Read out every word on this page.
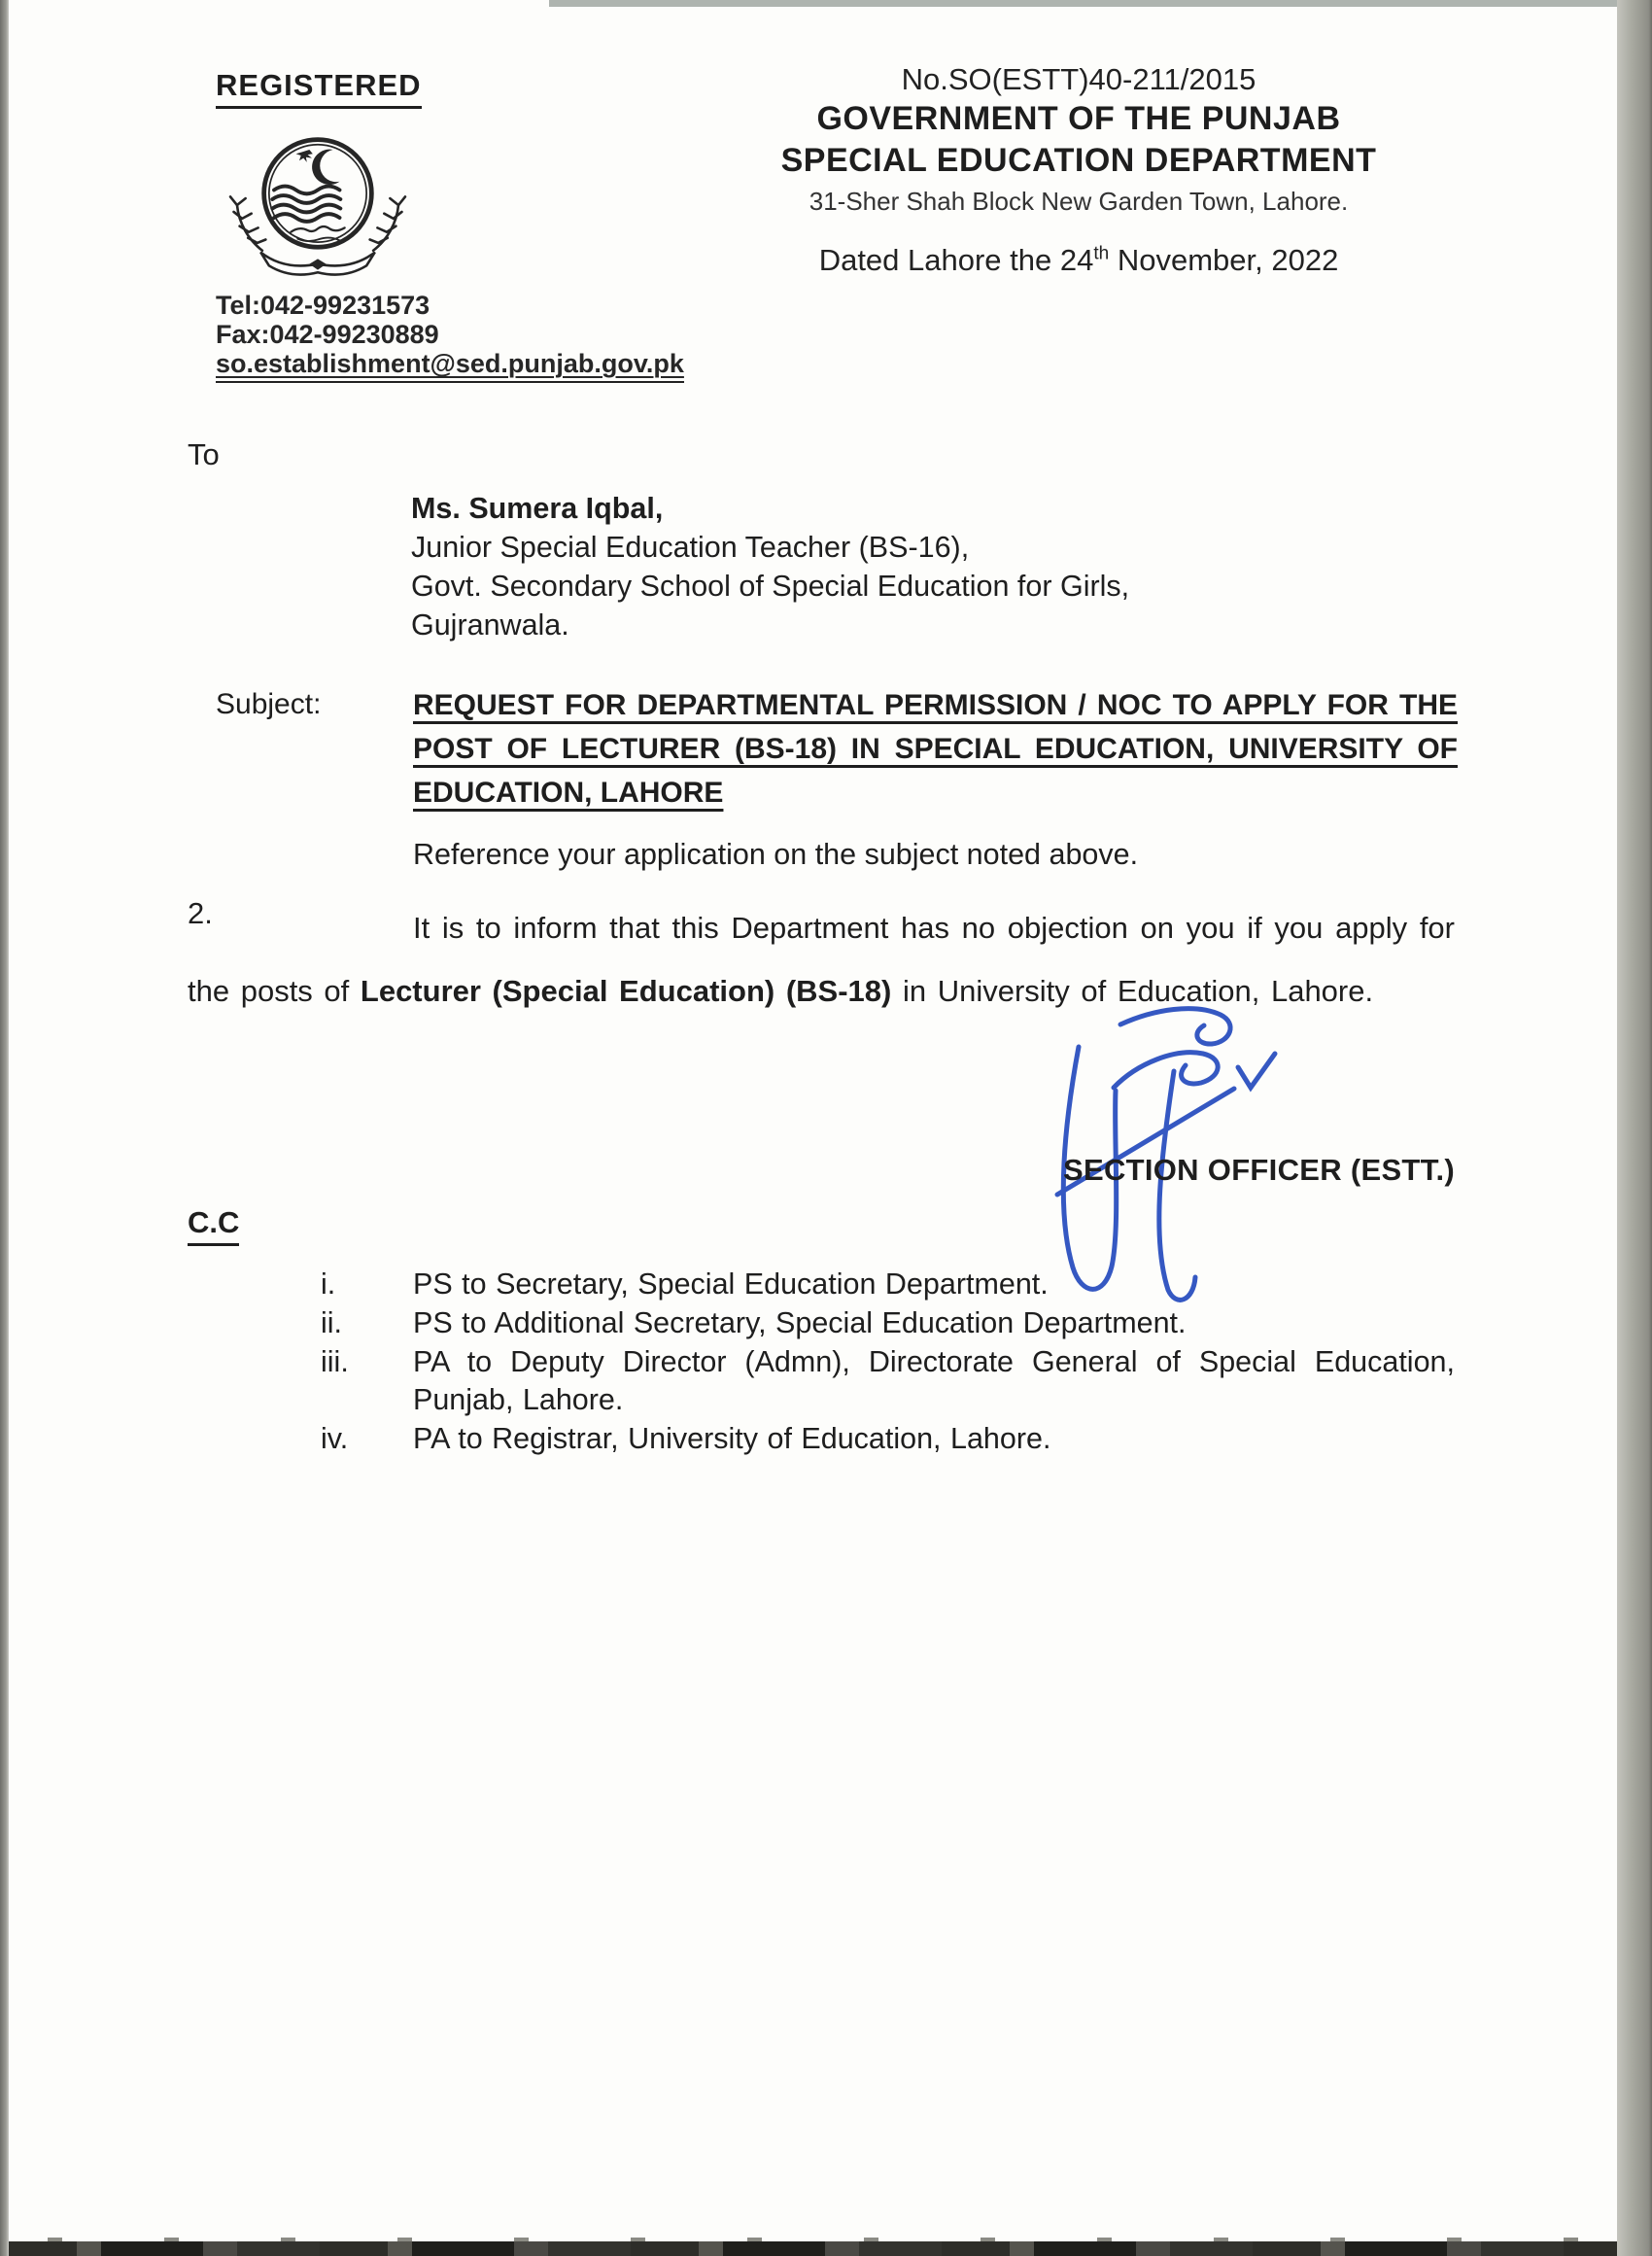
REGISTERED
Tel:042-99231573
Fax:042-99230889
so.establishment@sed.punjab.gov.pk
No.SO(ESTT)40-211/2015
GOVERNMENT OF THE PUNJAB
SPECIAL EDUCATION DEPARTMENT
31-Sher Shah Block New Garden Town, Lahore.
Dated Lahore the 24th November, 2022
To
Ms. Sumera Iqbal,
Junior Special Education Teacher (BS-16),
Govt. Secondary School of Special Education for Girls,
Gujranwala.
Subject:	REQUEST FOR DEPARTMENTAL PERMISSION / NOC TO APPLY FOR THE POST OF LECTURER (BS-18) IN SPECIAL EDUCATION, UNIVERSITY OF EDUCATION, LAHORE
Reference your application on the subject noted above.
2.	It is to inform that this Department has no objection on you if you apply for the posts of Lecturer (Special Education) (BS-18) in University of Education, Lahore.

SECTION OFFICER (ESTT.)
C.C
i.	PS to Secretary, Special Education Department.
ii.	PS to Additional Secretary, Special Education Department.
iii.	PA to Deputy Director (Admn), Directorate General of Special Education, Punjab, Lahore.
iv.	PA to Registrar, University of Education, Lahore.
